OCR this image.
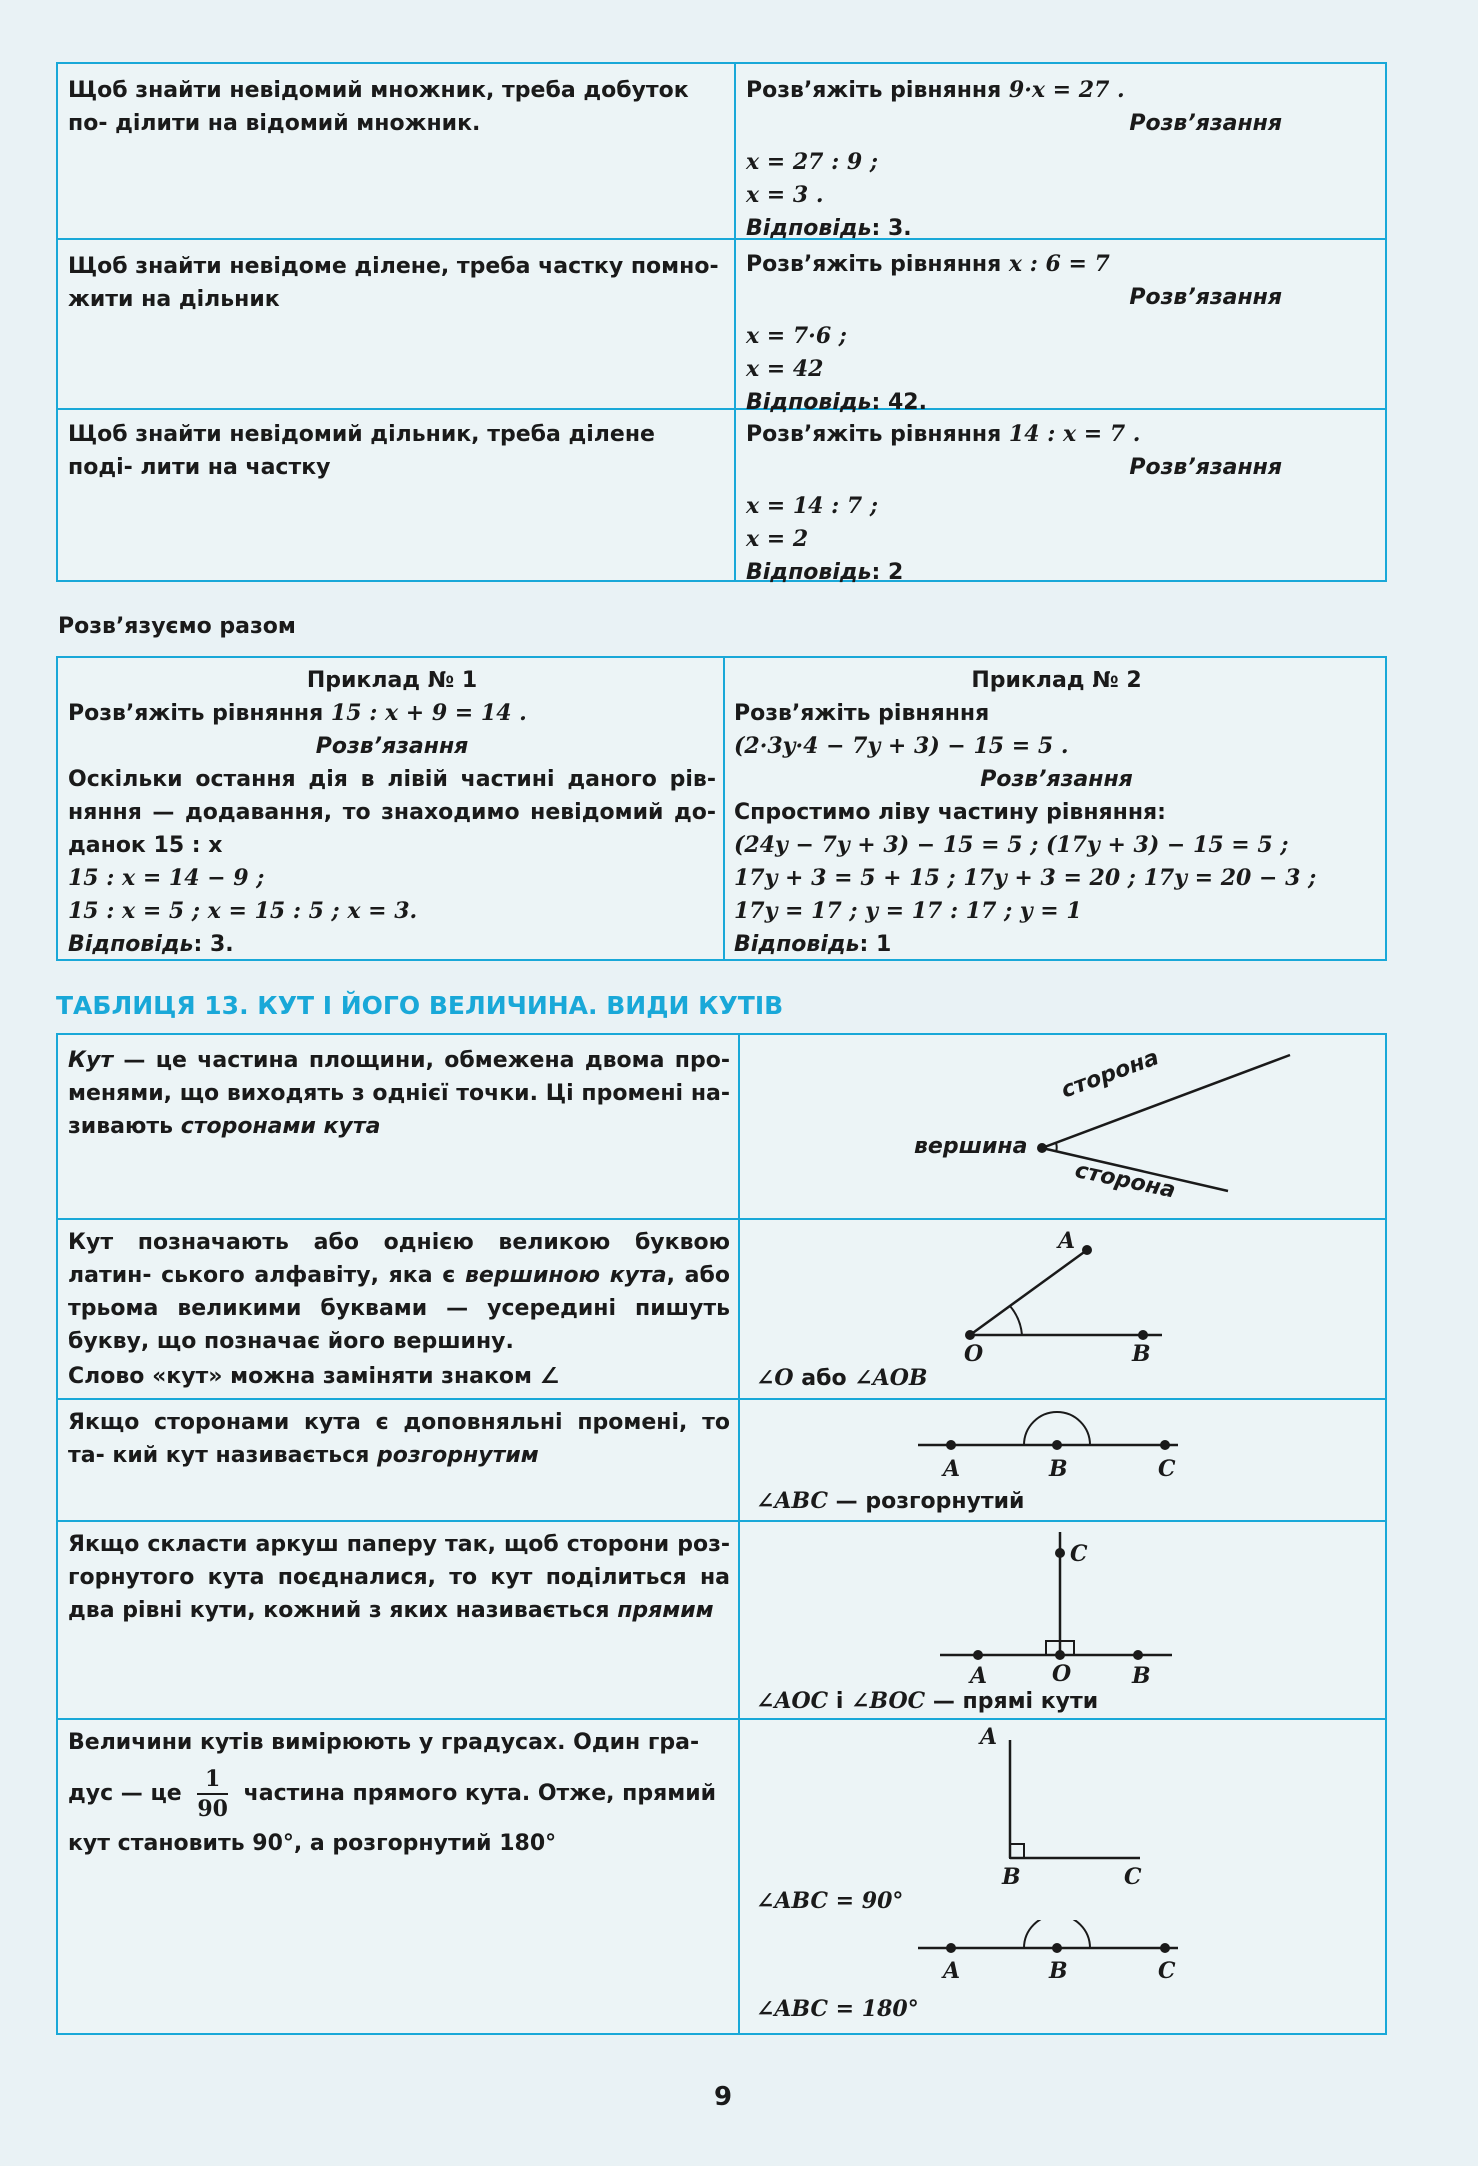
Щоб знайти невідомий множник, треба добуток по- ділити на відомий множник.
Розв’яжіть рівняння 9·x = 27 .
Розв’язання
x = 27 : 9 ;
x = 3 .
Відповідь: 3.
Щоб знайти невідоме ділене, треба частку помно- жити на дільник
Розв’яжіть рівняння x : 6 = 7
Розв’язання
x = 7·6 ;
x = 42
Відповідь: 42.
Щоб знайти невідомий дільник, треба ділене поді- лити на частку
Розв’яжіть рівняння 14 : x = 7 .
Розв’язання
x = 14 : 7 ;
x = 2
Відповідь: 2
Розв’язуємо разом
Приклад № 1
Розв’яжіть рівняння 15 : x + 9 = 14 .
Розв’язання
Оскільки остання дія в лівій частині даного рів- няння — додавання, то знаходимо невідомий до- данок 15 : x
15 : x = 14 − 9 ;
15 : x = 5 ; x = 15 : 5 ; x = 3.
Відповідь: 3.
Приклад № 2
Розв’яжіть рівняння
(2·3y·4 − 7y + 3) − 15 = 5 .
Розв’язання
Спростимо ліву частину рівняння:
(24y − 7y + 3) − 15 = 5 ; (17y + 3) − 15 = 5 ;
17y + 3 = 5 + 15 ; 17y + 3 = 20 ; 17y = 20 − 3 ;
17y = 17 ; y = 17 : 17 ; y = 1
Відповідь: 1
ТАБЛИЦЯ 13. КУТ І ЙОГО ВЕЛИЧИНА. ВИДИ КУТІВ
Кут — це частина площини, обмежена двома про- менями, що виходять з однієї точки. Ці промені на- зивають сторонами кута
вершина
сторона
сторона
Кут позначають або однією великою буквою латин- ського алфавіту, яка є вершиною кута, або трьома великими буквами — усередині пишуть букву, що позначає його вершину.
Слово «кут» можна заміняти знаком ∠
A
O	B
∠O або ∠AOB
Якщо сторонами кута є доповняльні промені, то та- кий кут називається розгорнутим
A	B	C
∠ABC — розгорнутий
Якщо скласти аркуш паперу так, щоб сторони роз- горнутого кута поєдналися, то кут поділиться на два рівні кути, кожний з яких називається прямим
C
A	O	B
∠AOC і ∠BOC — прямі кути
Величини кутів вимірюють у градусах. Один гра-
дус — це $\frac{1}{90}$ частина прямого кута. Отже, прямий
кут становить 90°, а розгорнутий 180°
A
B	C
∠ABC = 90°
A	B	C
∠ABC = 180°
9
